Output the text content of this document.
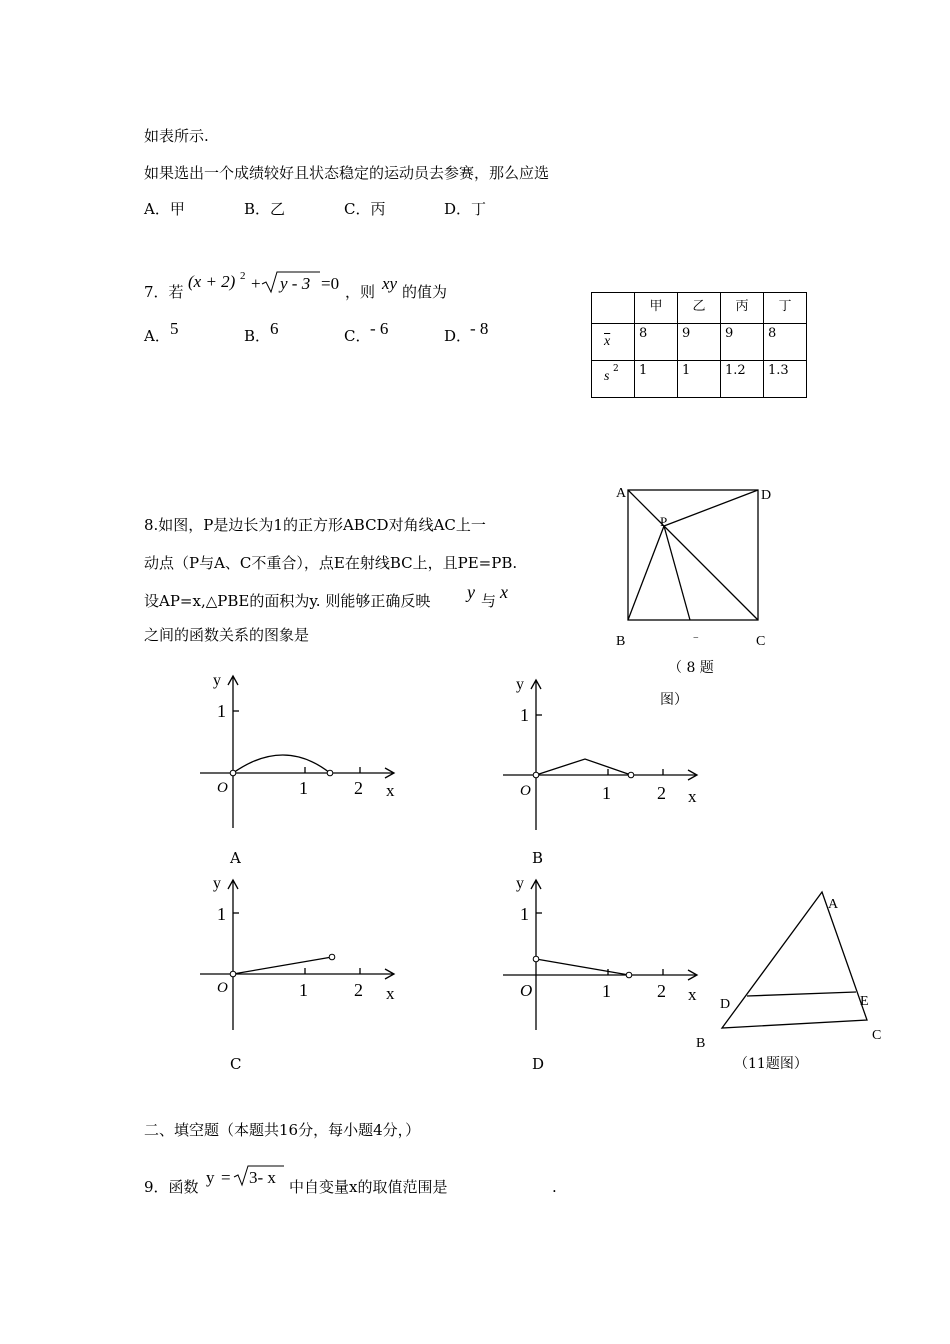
如表所示.
如果选出一个成绩较好且状态稳定的运动员去参赛，那么应选
A．甲	B．乙	C．丙	D．丁
7．若
(x + 2) 2 + y - 3 =0 ，则 xy 的值为
A． 5	B． 6	C． - 6	D．
- 8
	甲	乙	丙	丁

$\overline{x}$	8	9	9	8

s 2	1	1	1.2	1.3
8.如图，P是边长为1的正方形ABCD对角线AC上一
动点（P与A、C不重合），点E在射线BC上，且PE=PB.
设AP=x,△PBE的面积为y. 则能够正确反映 y 与 x
之间的函数关系的图象是
A	D
P
B	C
−
（ 8 题
图）
y
1
O	1	2 x
A
y
1
O	1	2 x
B
y
1
O	1	2 x
C
y
1
O	1	2 x
D
A
D	E
B
C
（11题图）
二、填空题（本题共16分，每小题4分，）
9．函数 y = 3- x 中自变量x的取值范围是	.
